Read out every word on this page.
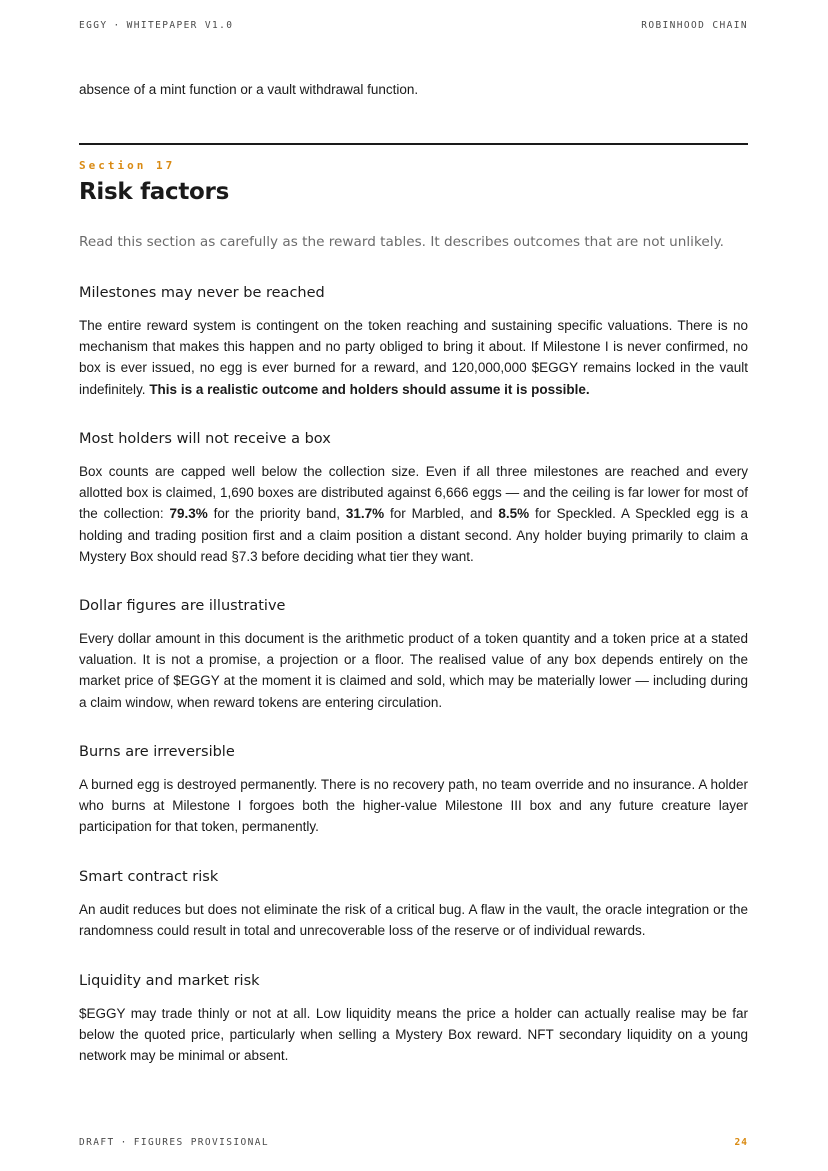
EGGY · WHITEPAPER V1.0	ROBINHOOD CHAIN
absence of a mint function or a vault withdrawal function.
Section 17
Risk factors
Read this section as carefully as the reward tables. It describes outcomes that are not unlikely.
Milestones may never be reached

The entire reward system is contingent on the token reaching and sustaining specific valuations. There is no mechanism that makes this happen and no party obliged to bring it about. If Milestone I is never confirmed, no box is ever issued, no egg is ever burned for a reward, and 120,000,000 $EGGY remains locked in the vault indefinitely. This is a realistic outcome and holders should assume it is possible.

Most holders will not receive a box

Box counts are capped well below the collection size. Even if all three milestones are reached and every allotted box is claimed, 1,690 boxes are distributed against 6,666 eggs — and the ceiling is far lower for most of the collection: 79.3% for the priority band, 31.7% for Marbled, and 8.5% for Speckled. A Speckled egg is a holding and trading position first and a claim position a distant second. Any holder buying primarily to claim a Mystery Box should read §7.3 before deciding what tier they want.

Dollar figures are illustrative

Every dollar amount in this document is the arithmetic product of a token quantity and a token price at a stated valuation. It is not a promise, a projection or a floor. The realised value of any box depends entirely on the market price of $EGGY at the moment it is claimed and sold, which may be materially lower — including during a claim window, when reward tokens are entering circulation.

Burns are irreversible

A burned egg is destroyed permanently. There is no recovery path, no team override and no insurance. A holder who burns at Milestone I forgoes both the higher-value Milestone III box and any future creature layer participation for that token, permanently.

Smart contract risk

An audit reduces but does not eliminate the risk of a critical bug. A flaw in the vault, the oracle integration or the randomness could result in total and unrecoverable loss of the reserve or of individual rewards.

Liquidity and market risk

$EGGY may trade thinly or not at all. Low liquidity means the price a holder can actually realise may be far below the quoted price, particularly when selling a Mystery Box reward. NFT secondary liquidity on a young network may be minimal or absent.

DRAFT · FIGURES PROVISIONAL	24
